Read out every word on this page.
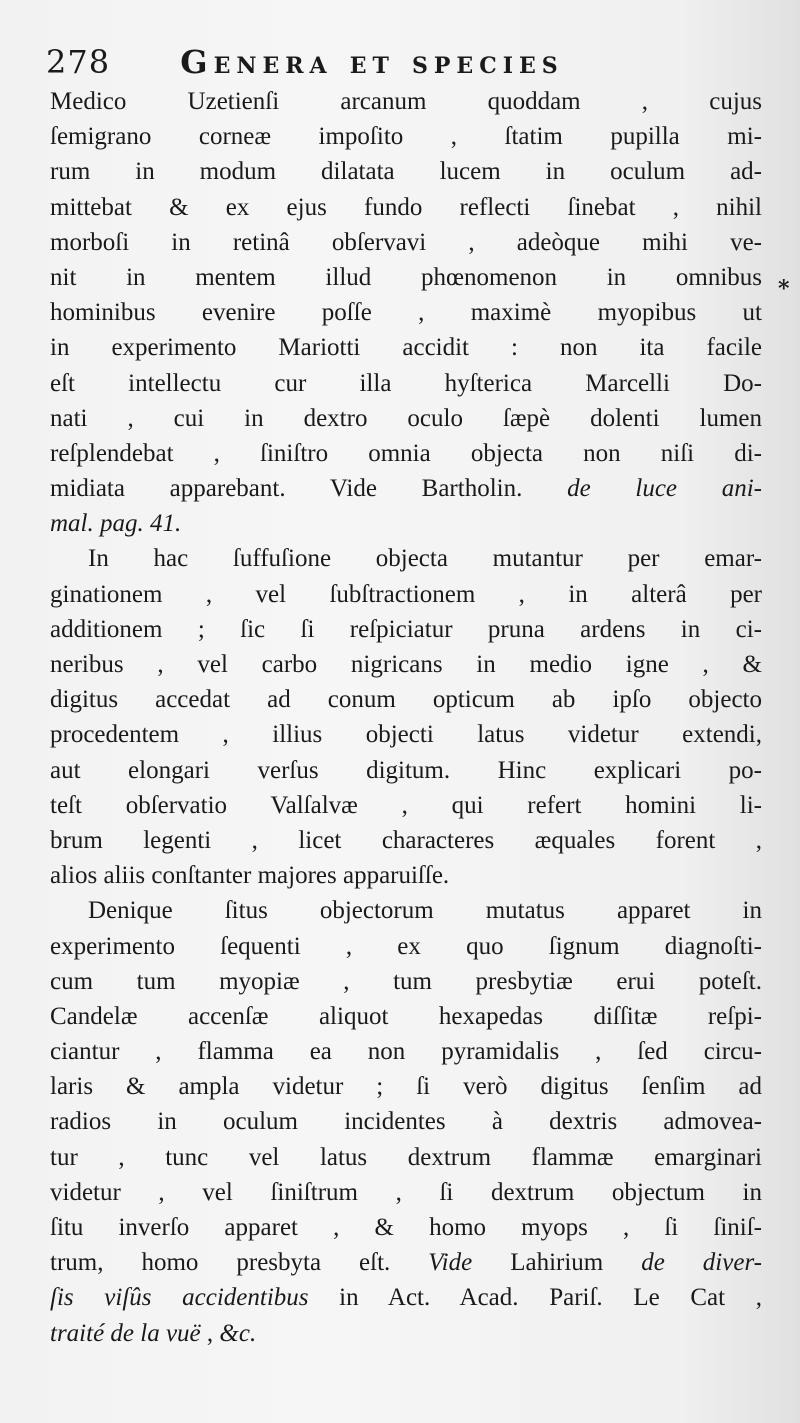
278 Genera et species
*
Medico Uzetienſi arcanum quoddam , cujus
ſemigrano corneæ impoſito , ſtatim pupilla mi-
rum in modum dilatata lucem in oculum ad-
mittebat & ex ejus fundo reflecti ſinebat , nihil
morboſi in retinâ obſervavi , adeòque mihi ve-
nit in mentem illud phœnomenon in omnibus
hominibus evenire poſſe , maximè myopibus ut
in experimento Mariotti accidit : non ita facile
eſt intellectu cur illa hyſterica Marcelli Do-
nati , cui in dextro oculo ſæpè dolenti lumen
reſplendebat , ſiniſtro omnia objecta non niſi di-
midiata apparebant. Vide Bartholin. de luce ani-
mal. pag. 41.
In hac ſuffuſione objecta mutantur per emar-
ginationem , vel ſubſtractionem , in alterâ per
additionem ; ſic ſi reſpiciatur pruna ardens in ci-
neribus , vel carbo nigricans in medio igne , &
digitus accedat ad conum opticum ab ipſo objecto
procedentem , illius objecti latus videtur extendi,
aut elongari verſus digitum. Hinc explicari po-
teſt obſervatio Valſalvæ , qui refert homini li-
brum legenti , licet characteres æquales forent ,
alios aliis conſtanter majores apparuiſſe.
Denique ſitus objectorum mutatus apparet in
experimento ſequenti , ex quo ſignum diagnoſti-
cum tum myopiæ , tum presbytiæ erui poteſt.
Candelæ accenſæ aliquot hexapedas diſſitæ reſpi-
ciantur , flamma ea non pyramidalis , ſed circu-
laris & ampla videtur ; ſi verò digitus ſenſim ad
radios in oculum incidentes à dextris admovea-
tur , tunc vel latus dextrum flammæ emarginari
videtur , vel ſiniſtrum , ſi dextrum objectum in
ſitu inverſo apparet , & homo myops , ſi ſiniſ-
trum, homo presbyta eſt. Vide Lahirium de diver-
ſis viſûs accidentibus in Act. Acad. Pariſ. Le Cat ,
traité de la vuë , &c.
